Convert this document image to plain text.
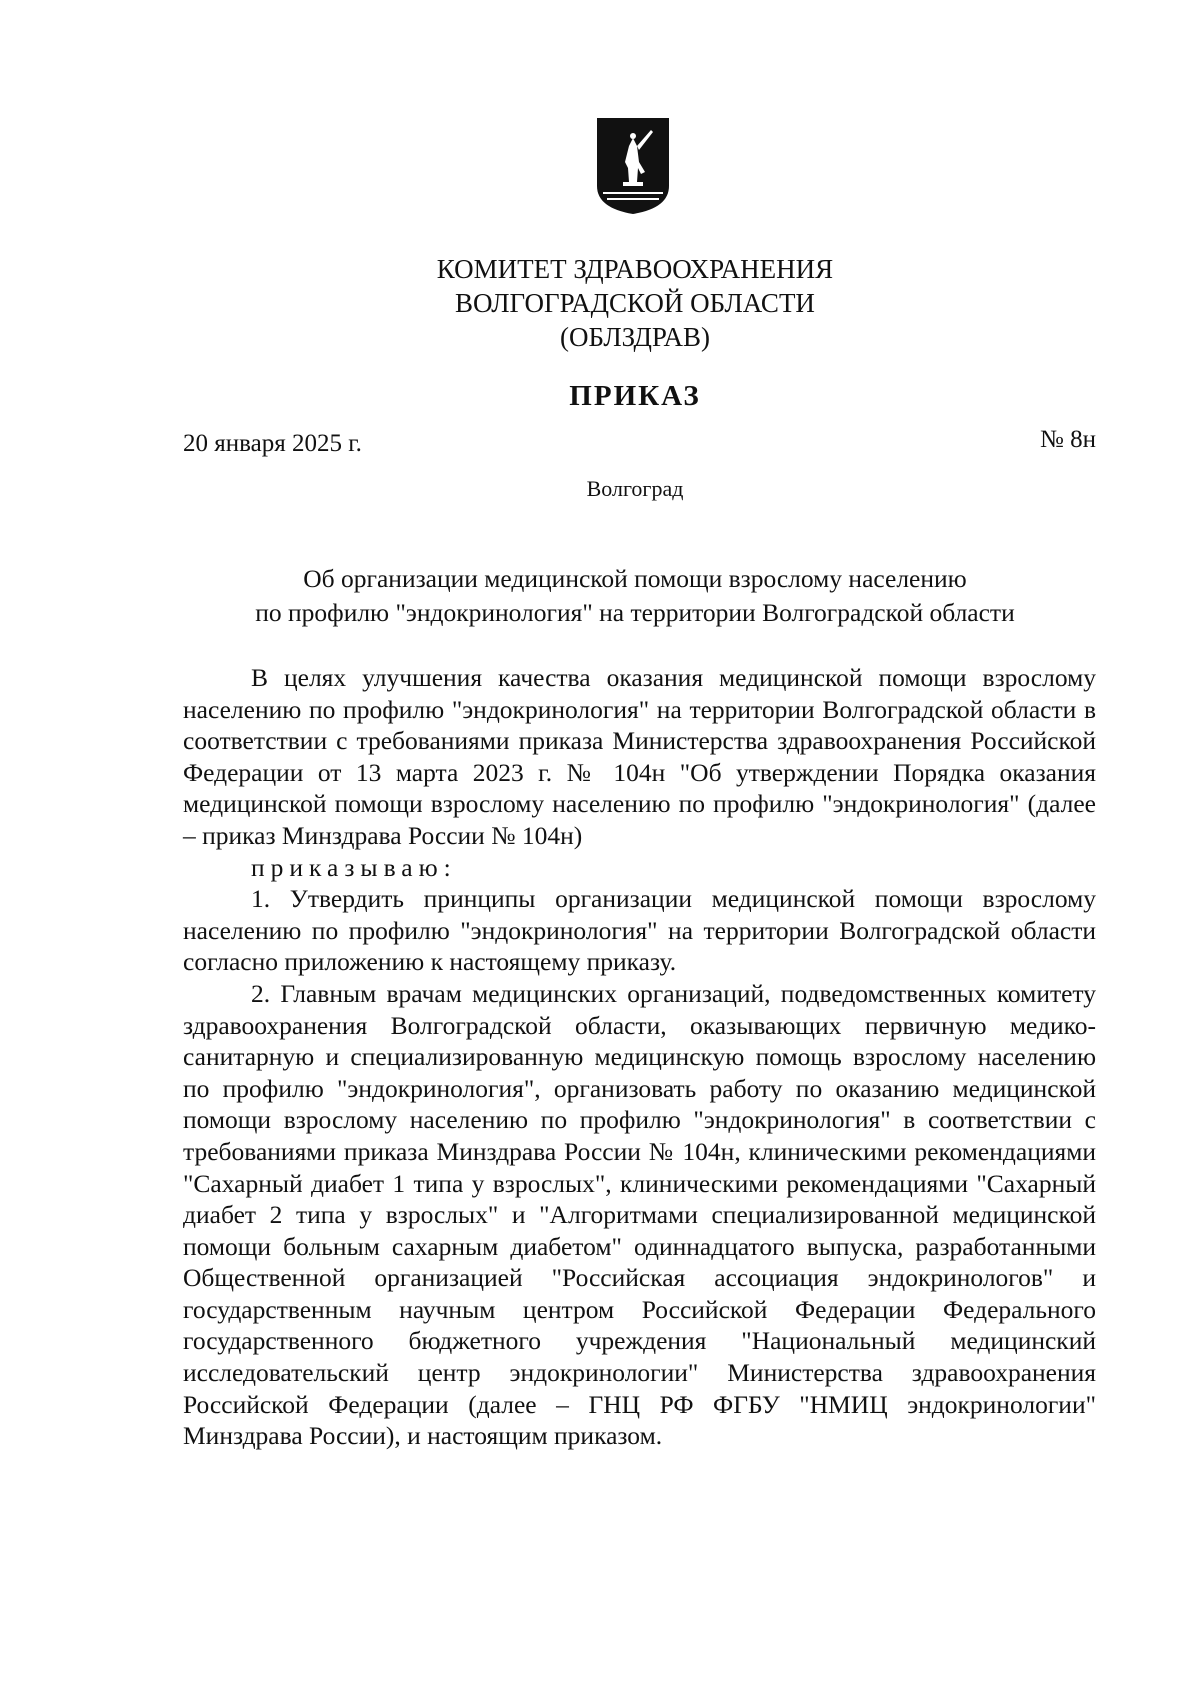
КОМИТЕТ ЗДРАВООХРАНЕНИЯ
ВОЛГОГРАДСКОЙ ОБЛАСТИ
(ОБЛЗДРАВ)
ПРИКАЗ
20 января 2025 г.	№ 8н
Волгоград
Об организации медицинской помощи взрослому населению
по профилю "эндокринология" на территории Волгоградской области

В целях улучшения качества оказания медицинской помощи взрослому населению по профилю "эндокринология" на территории Волгоградской области в соответствии с требованиями приказа Министерства здравоохранения Российской Федерации от 13 марта 2023 г. № 104н "Об утверждении Порядка оказания медицинской помощи взрослому населению по профилю "эндокринология" (далее – приказ Минздрава России № 104н)

приказываю:

1. Утвердить принципы организации медицинской помощи взрослому населению по профилю "эндокринология" на территории Волгоградской области согласно приложению к настоящему приказу.

2. Главным врачам медицинских организаций, подведомственных комитету здравоохранения Волгоградской области, оказывающих первичную медико-санитарную и специализированную медицинскую помощь взрослому населению по профилю "эндокринология", организовать работу по оказанию медицинской помощи взрослому населению по профилю "эндокринология" в соответствии с требованиями приказа Минздрава России № 104н, клиническими рекомендациями "Сахарный диабет 1 типа у взрослых", клиническими рекомендациями "Сахарный диабет 2 типа у взрослых" и "Алгоритмами специализированной медицинской помощи больным сахарным диабетом" одиннадцатого выпуска, разработанными Общественной организацией "Российская ассоциация эндокринологов" и государственным научным центром Российской Федерации Федерального государственного бюджетного учреждения "Национальный медицинский исследовательский центр эндокринологии" Министерства здравоохранения Российской Федерации (далее – ГНЦ РФ ФГБУ "НМИЦ эндокринологии" Минздрава России), и настоящим приказом.
